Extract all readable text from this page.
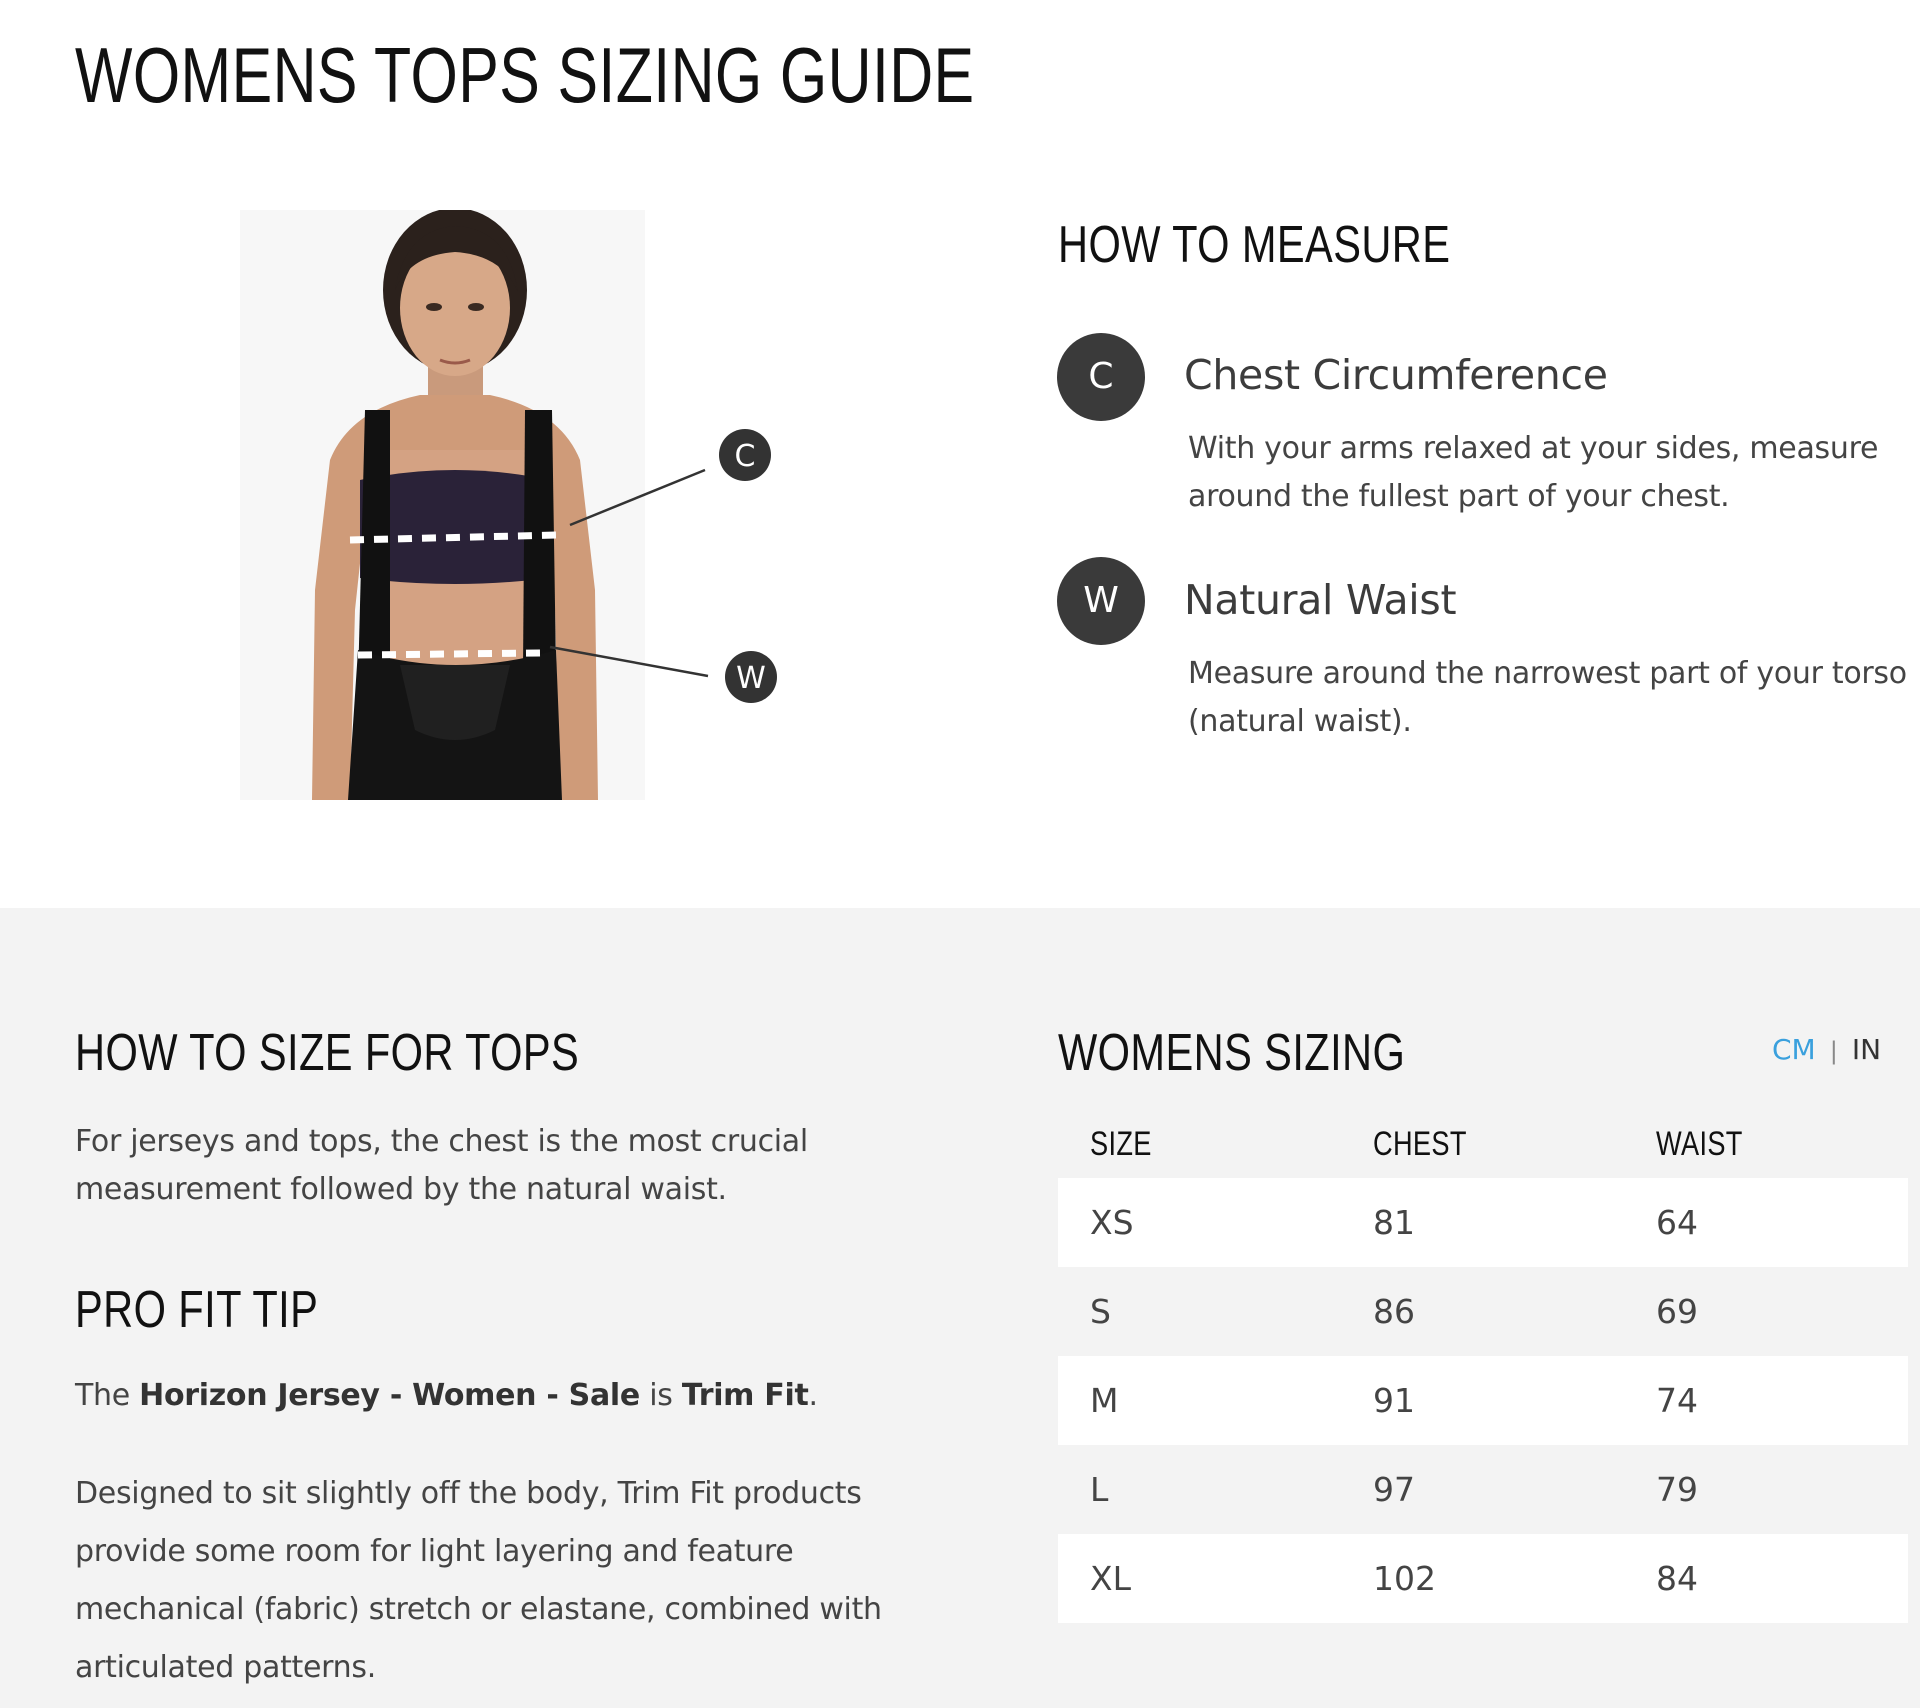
WOMENS TOPS SIZING GUIDE
C
W
HOW TO MEASURE
C	Chest Circumference
With your arms relaxed at your sides, measure around the fullest part of your chest.
W	Natural Waist
Measure around the narrowest part of your torso (natural waist).
HOW TO SIZE FOR TOPS
For jerseys and tops, the chest is the most crucial measurement followed by the natural waist.
PRO FIT TIP
The Horizon Jersey - Women - Sale is Trim Fit.
Designed to sit slightly off the body, Trim Fit products provide some room for light layering and feature mechanical (fabric) stretch or elastane, combined with articulated patterns.
WOMENS SIZING	CM | IN
SIZE	CHEST	WAIST
XS	81	64
S	86	69
M	91	74
L	97	79
XL	102	84
